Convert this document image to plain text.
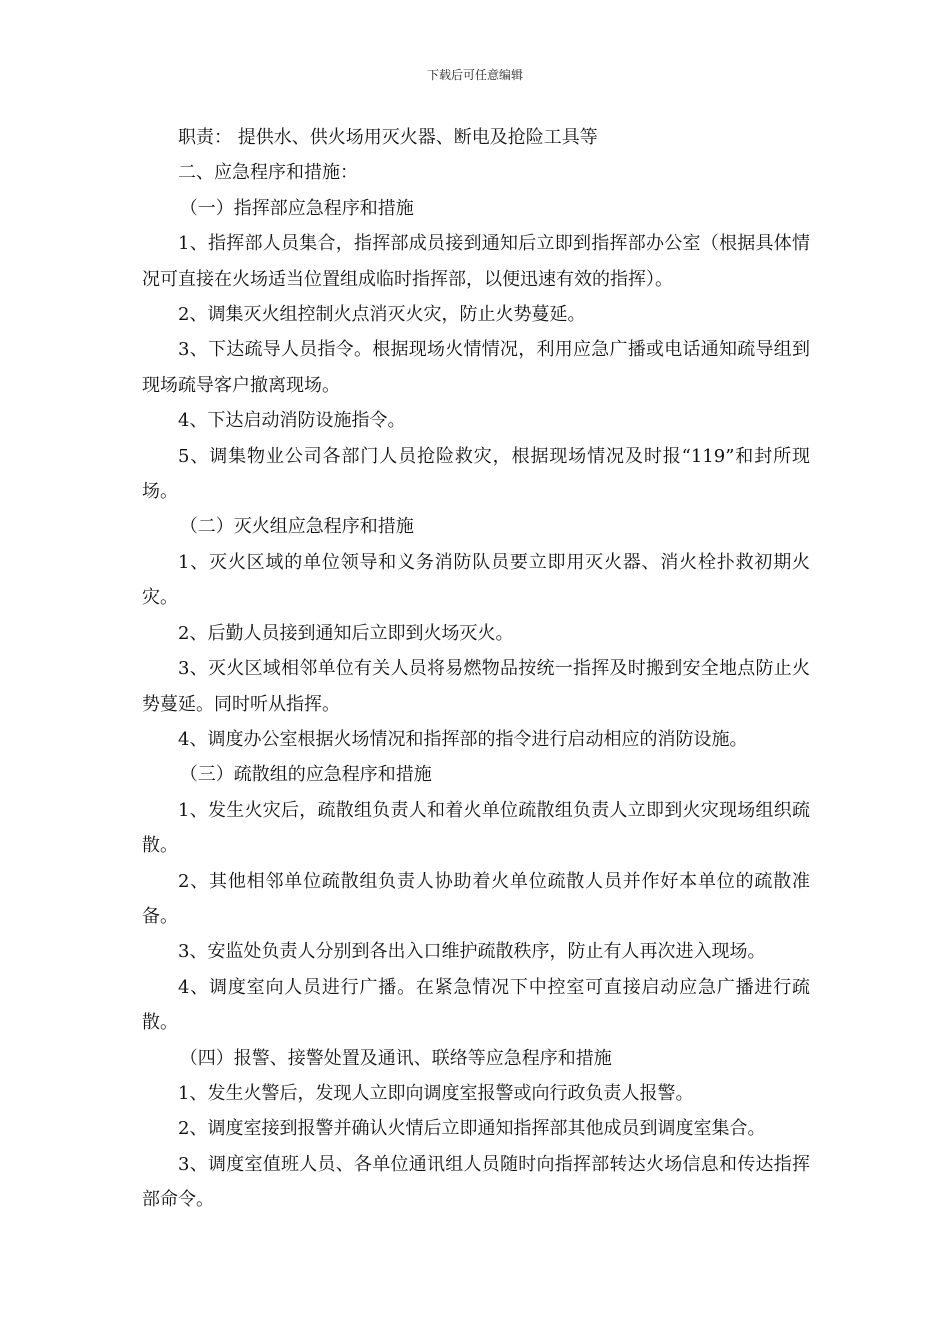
下载后可任意编辑

职责： 提供水、供火场用灭火器、断电及抢险工具等

二、应急程序和措施：

（一）指挥部应急程序和措施

1、指挥部人员集合，指挥部成员接到通知后立即到指挥部办公室（根据具体情况可直接在火场适当位置组成临时指挥部，以便迅速有效的指挥）。

2、调集灭火组控制火点消灭火灾，防止火势蔓延。

3、下达疏导人员指令。根据现场火情情况，利用应急广播或电话通知疏导组到现场疏导客户撤离现场。

4、下达启动消防设施指令。

5、调集物业公司各部门人员抢险救灾，根据现场情况及时报“119”和封所现场。

（二）灭火组应急程序和措施

1、灭火区域的单位领导和义务消防队员要立即用灭火器、消火栓扑救初期火灾。

2、后勤人员接到通知后立即到火场灭火。

3、灭火区域相邻单位有关人员将易燃物品按统一指挥及时搬到安全地点防止火势蔓延。同时听从指挥。

4、调度办公室根据火场情况和指挥部的指令进行启动相应的消防设施。

（三）疏散组的应急程序和措施

1、发生火灾后，疏散组负责人和着火单位疏散组负责人立即到火灾现场组织疏散。

2、其他相邻单位疏散组负责人协助着火单位疏散人员并作好本单位的疏散准备。

3、安监处负责人分别到各出入口维护疏散秩序，防止有人再次进入现场。

4、调度室向人员进行广播。在紧急情况下中控室可直接启动应急广播进行疏散。

（四）报警、接警处置及通讯、联络等应急程序和措施

1、发生火警后，发现人立即向调度室报警或向行政负责人报警。

2、调度室接到报警并确认火情后立即通知指挥部其他成员到调度室集合。

3、调度室值班人员、各单位通讯组人员随时向指挥部转达火场信息和传达指挥部命令。
